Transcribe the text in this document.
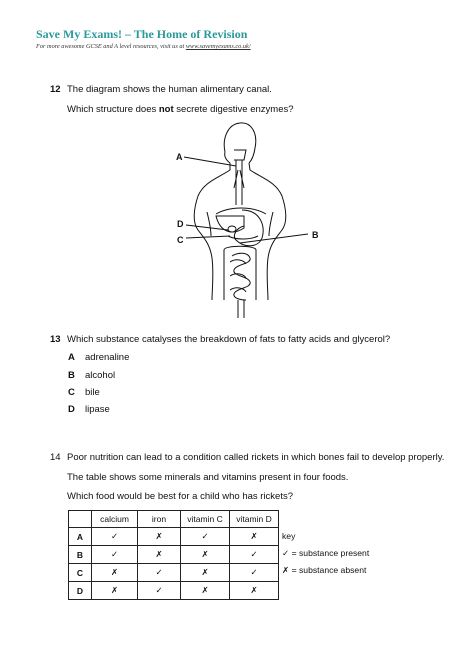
Save My Exams! – The Home of Revision
For more awesome GCSE and A level resources, visit us at www.savemyexams.co.uk/
12 The diagram shows the human alimentary canal.
Which structure does not secrete digestive enzymes?
A
B
C
D
13 Which substance catalyses the breakdown of fats to fatty acids and glycerol?
A adrenaline
B alcohol
C bile
D lipase
14 Poor nutrition can lead to a condition called rickets in which bones fail to develop properly.
The table shows some minerals and vitamins present in four foods.
Which food would be best for a child who has rickets?
	calcium	iron	vitamin C	vitamin D
A	✓	✗	✓	✗
B	✓	✗	✗	✓
C	✗	✓	✗	✓
D	✗	✓	✗	✗
key
✓ = substance present
✗ = substance absent
